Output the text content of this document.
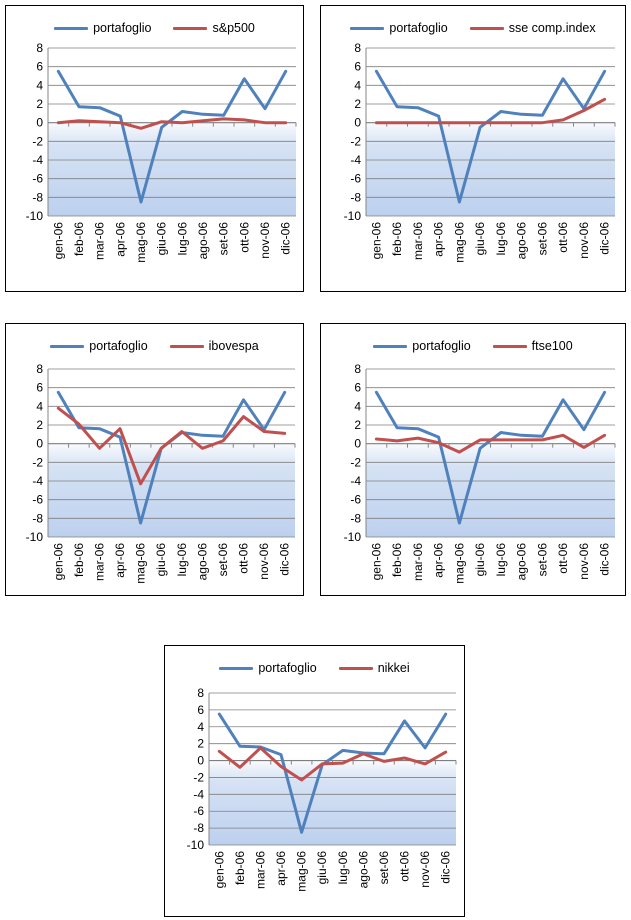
8
6
4
2
0
-2
-4
-6
-8
-10
gen-06 feb-06 mar-06 apr-06 mag-06 giu-06 lug-06 ago-06 set-06 ott-06 nov-06 dic-06
portafoglio	s&p500
8
6
4
2
0
-2
-4
-6
-8
-10
gen-06 feb-06 mar-06 apr-06 mag-06 giu-06 lug-06 ago-06 set-06 ott-06 nov-06 dic-06
portafoglio	sse comp.index
8
6
4
2
0
-2
-4
-6
-8
-10
gen-06 feb-06 mar-06 apr-06 mag-06 giu-06 lug-06 ago-06 set-06 ott-06 nov-06 dic-06
portafoglio	ibovespa
8
6
4
2
0
-2
-4
-6
-8
-10
gen-06 feb-06 mar-06 apr-06 mag-06 giu-06 lug-06 ago-06 set-06 ott-06 nov-06 dic-06
portafoglio	ftse100
8
6
4
2
0
-2
-4
-6
-8
-10
gen-06 feb-06 mar-06 apr-06 mag-06 giu-06 lug-06 ago-06 set-06 ott-06 nov-06 dic-06
portafoglio	nikkei
